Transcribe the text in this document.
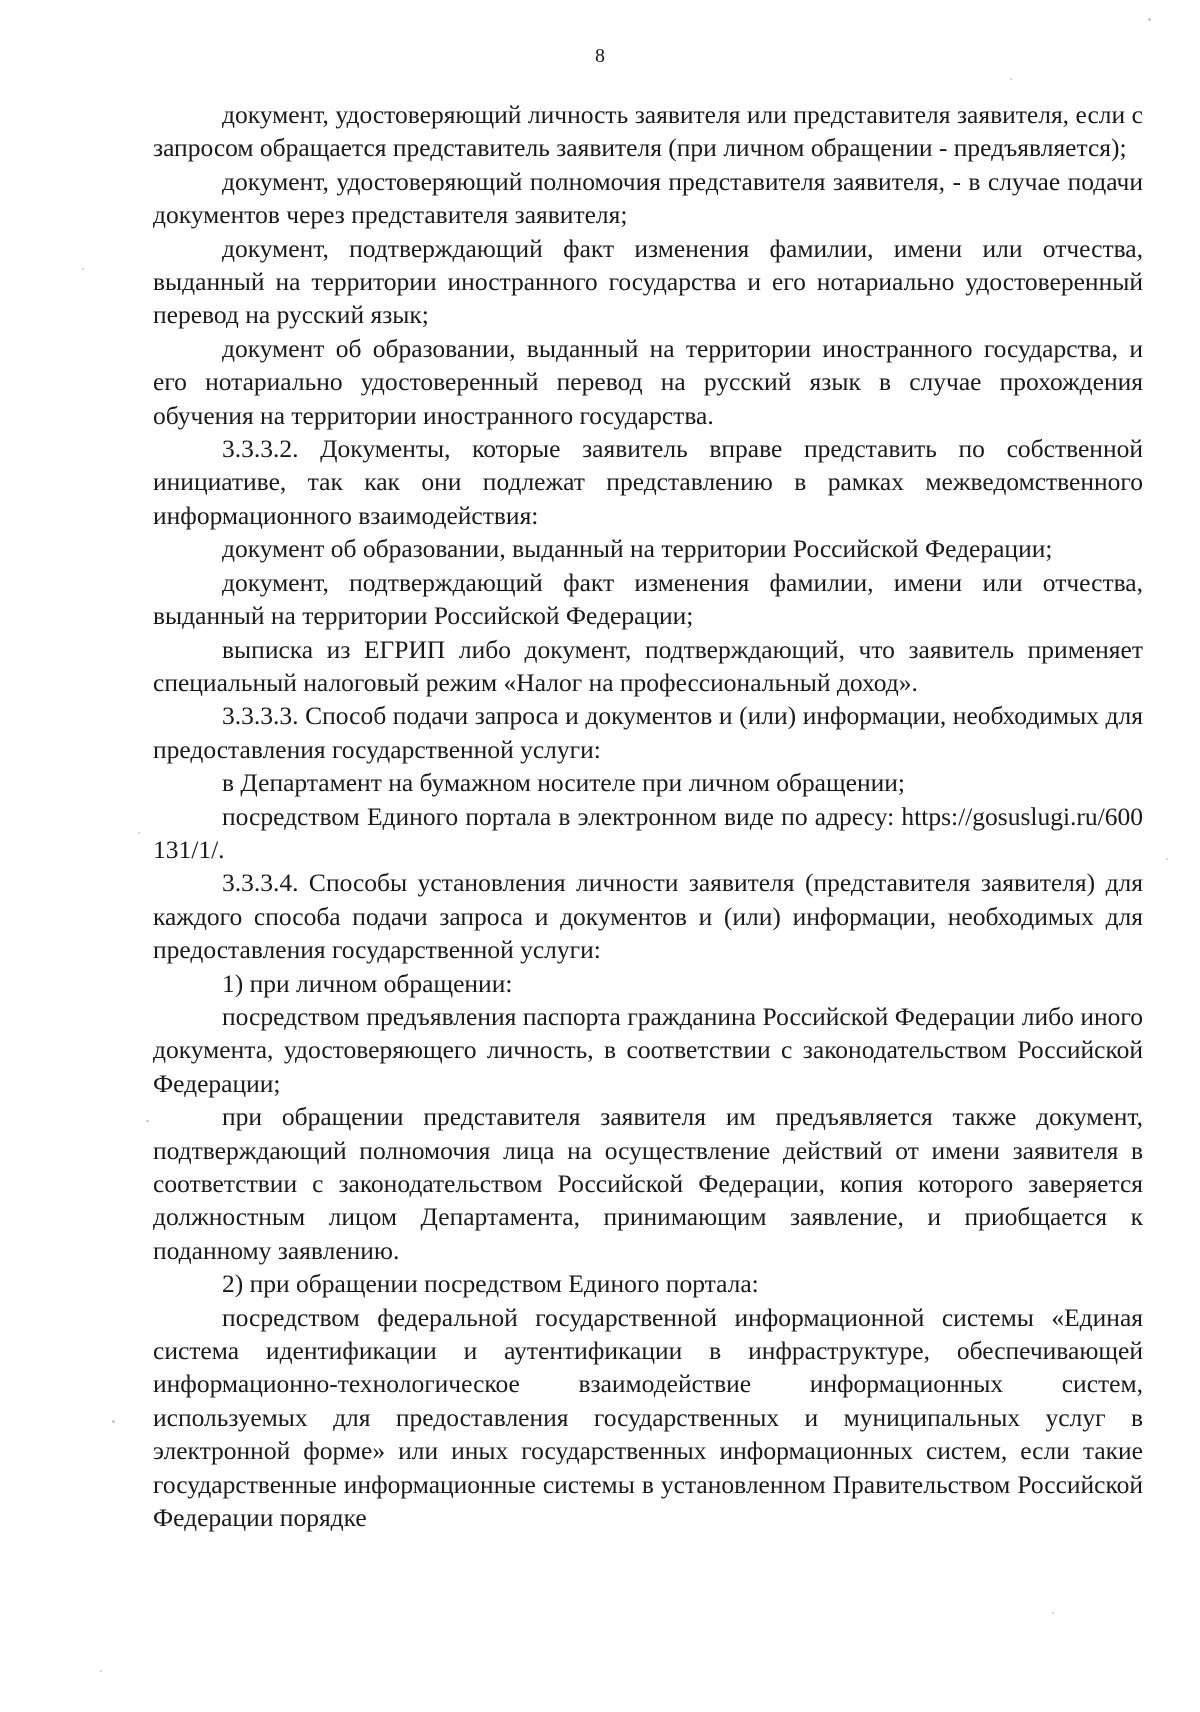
8

документ, удостоверяющий личность заявителя или представителя заявителя, если с запросом обращается представитель заявителя (при личном обращении - предъявляется);

документ, удостоверяющий полномочия представителя заявителя, - в случае подачи документов через представителя заявителя;

документ, подтверждающий факт изменения фамилии, имени или отчества, выданный на территории иностранного государства и его нотариально удостоверенный перевод на русский язык;

документ об образовании, выданный на территории иностранного государства, и его нотариально удостоверенный перевод на русский язык в случае прохождения обучения на территории иностранного государства.

3.3.3.2. Документы, которые заявитель вправе представить по собственной инициативе, так как они подлежат представлению в рамках межведомственного информационного взаимодействия:

документ об образовании, выданный на территории Российской Федерации;

документ, подтверждающий факт изменения фамилии, имени или отчества, выданный на территории Российской Федерации;

выписка из ЕГРИП либо документ, подтверждающий, что заявитель применяет специальный налоговый режим «Налог на профессиональный доход».

3.3.3.3. Способ подачи запроса и документов и (или) информации, необходимых для предоставления государственной услуги:

в Департамент на бумажном носителе при личном обращении;

посредством Единого портала в электронном виде по адресу: https://gosuslugi.ru/600131/1/.

3.3.3.4. Способы установления личности заявителя (представителя заявителя) для каждого способа подачи запроса и документов и (или) информации, необходимых для предоставления государственной услуги:

1) при личном обращении:

посредством предъявления паспорта гражданина Российской Федерации либо иного документа, удостоверяющего личность, в соответствии с законодательством Российской Федерации;

при обращении представителя заявителя им предъявляется также документ, подтверждающий полномочия лица на осуществление действий от имени заявителя в соответствии с законодательством Российской Федерации, копия которого заверяется должностным лицом Департамента, принимающим заявление, и приобщается к поданному заявлению.

2) при обращении посредством Единого портала:

посредством федеральной государственной информационной системы «Единая система идентификации и аутентификации в инфраструктуре, обеспечивающей информационно-технологическое взаимодействие информационных систем, используемых для предоставления государственных и муниципальных услуг в электронной форме» или иных государственных информационных систем, если такие государственные информационные системы в установленном Правительством Российской Федерации порядке
